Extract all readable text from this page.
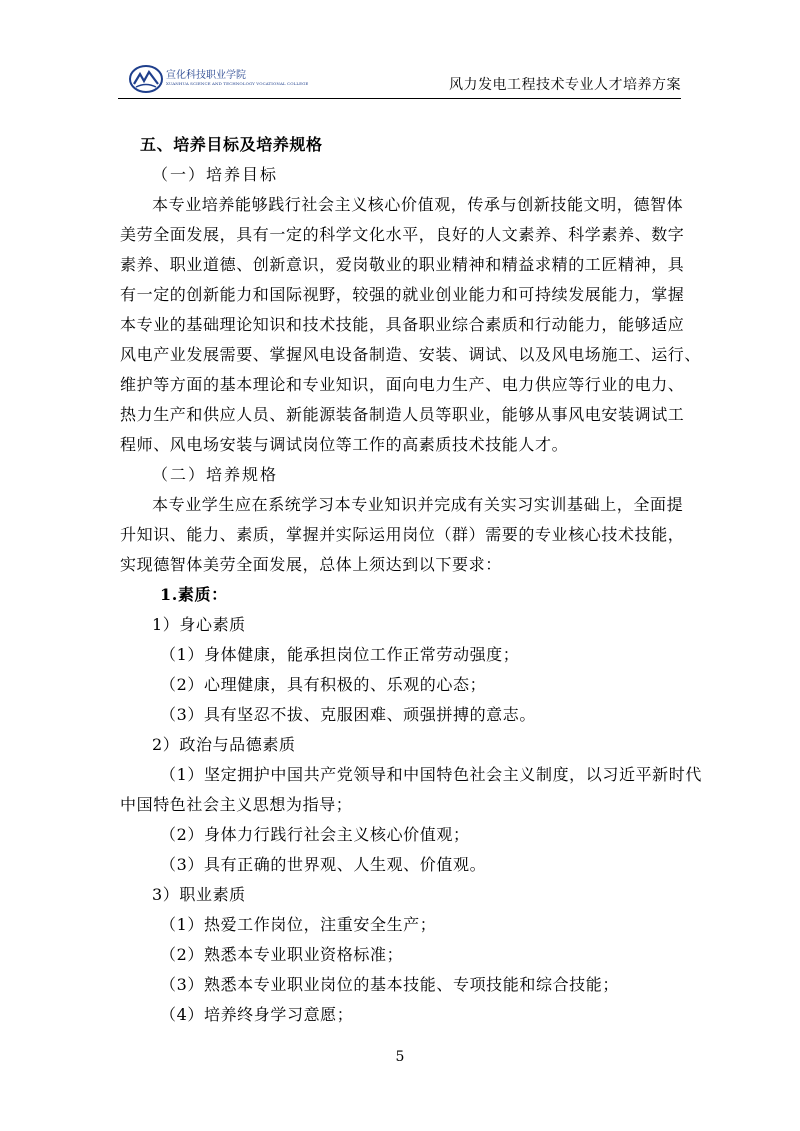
宣化科技职业学院
XUANHUA SCIENCE AND TECHNOLOGY VOCATIONAL COLLEGE	风力发电工程技术专业人才培养方案

五、培养目标及培养规格

（一）培养目标

本专业培养能够践行社会主义核心价值观，传承与创新技能文明，德智体

美劳全面发展，具有一定的科学文化水平，良好的人文素养、科学素养、数字

素养、职业道德、创新意识，爱岗敬业的职业精神和精益求精的工匠精神，具

有一定的创新能力和国际视野，较强的就业创业能力和可持续发展能力，掌握

本专业的基础理论知识和技术技能，具备职业综合素质和行动能力，能够适应

风电产业发展需要、掌握风电设备制造、安装、调试、以及风电场施工、运行、

维护等方面的基本理论和专业知识，面向电力生产、电力供应等行业的电力、

热力生产和供应人员、新能源装备制造人员等职业，能够从事风电安装调试工

程师、风电场安装与调试岗位等工作的高素质技术技能人才。

（二）培养规格

本专业学生应在系统学习本专业知识并完成有关实习实训基础上，全面提

升知识、能力、素质，掌握并实际运用岗位（群）需要的专业核心技术技能，

实现德智体美劳全面发展，总体上须达到以下要求：

1.素质：

1）身心素质

（1）身体健康，能承担岗位工作正常劳动强度；

（2）心理健康，具有积极的、乐观的心态；

（3）具有坚忍不拔、克服困难、顽强拼搏的意志。

2）政治与品德素质

（1）坚定拥护中国共产党领导和中国特色社会主义制度，以习近平新时代

中国特色社会主义思想为指导；

（2）身体力行践行社会主义核心价值观；

（3）具有正确的世界观、人生观、价值观。

3）职业素质

（1）热爱工作岗位，注重安全生产；

（2）熟悉本专业职业资格标准；

（3）熟悉本专业职业岗位的基本技能、专项技能和综合技能；

（4）培养终身学习意愿；

5
